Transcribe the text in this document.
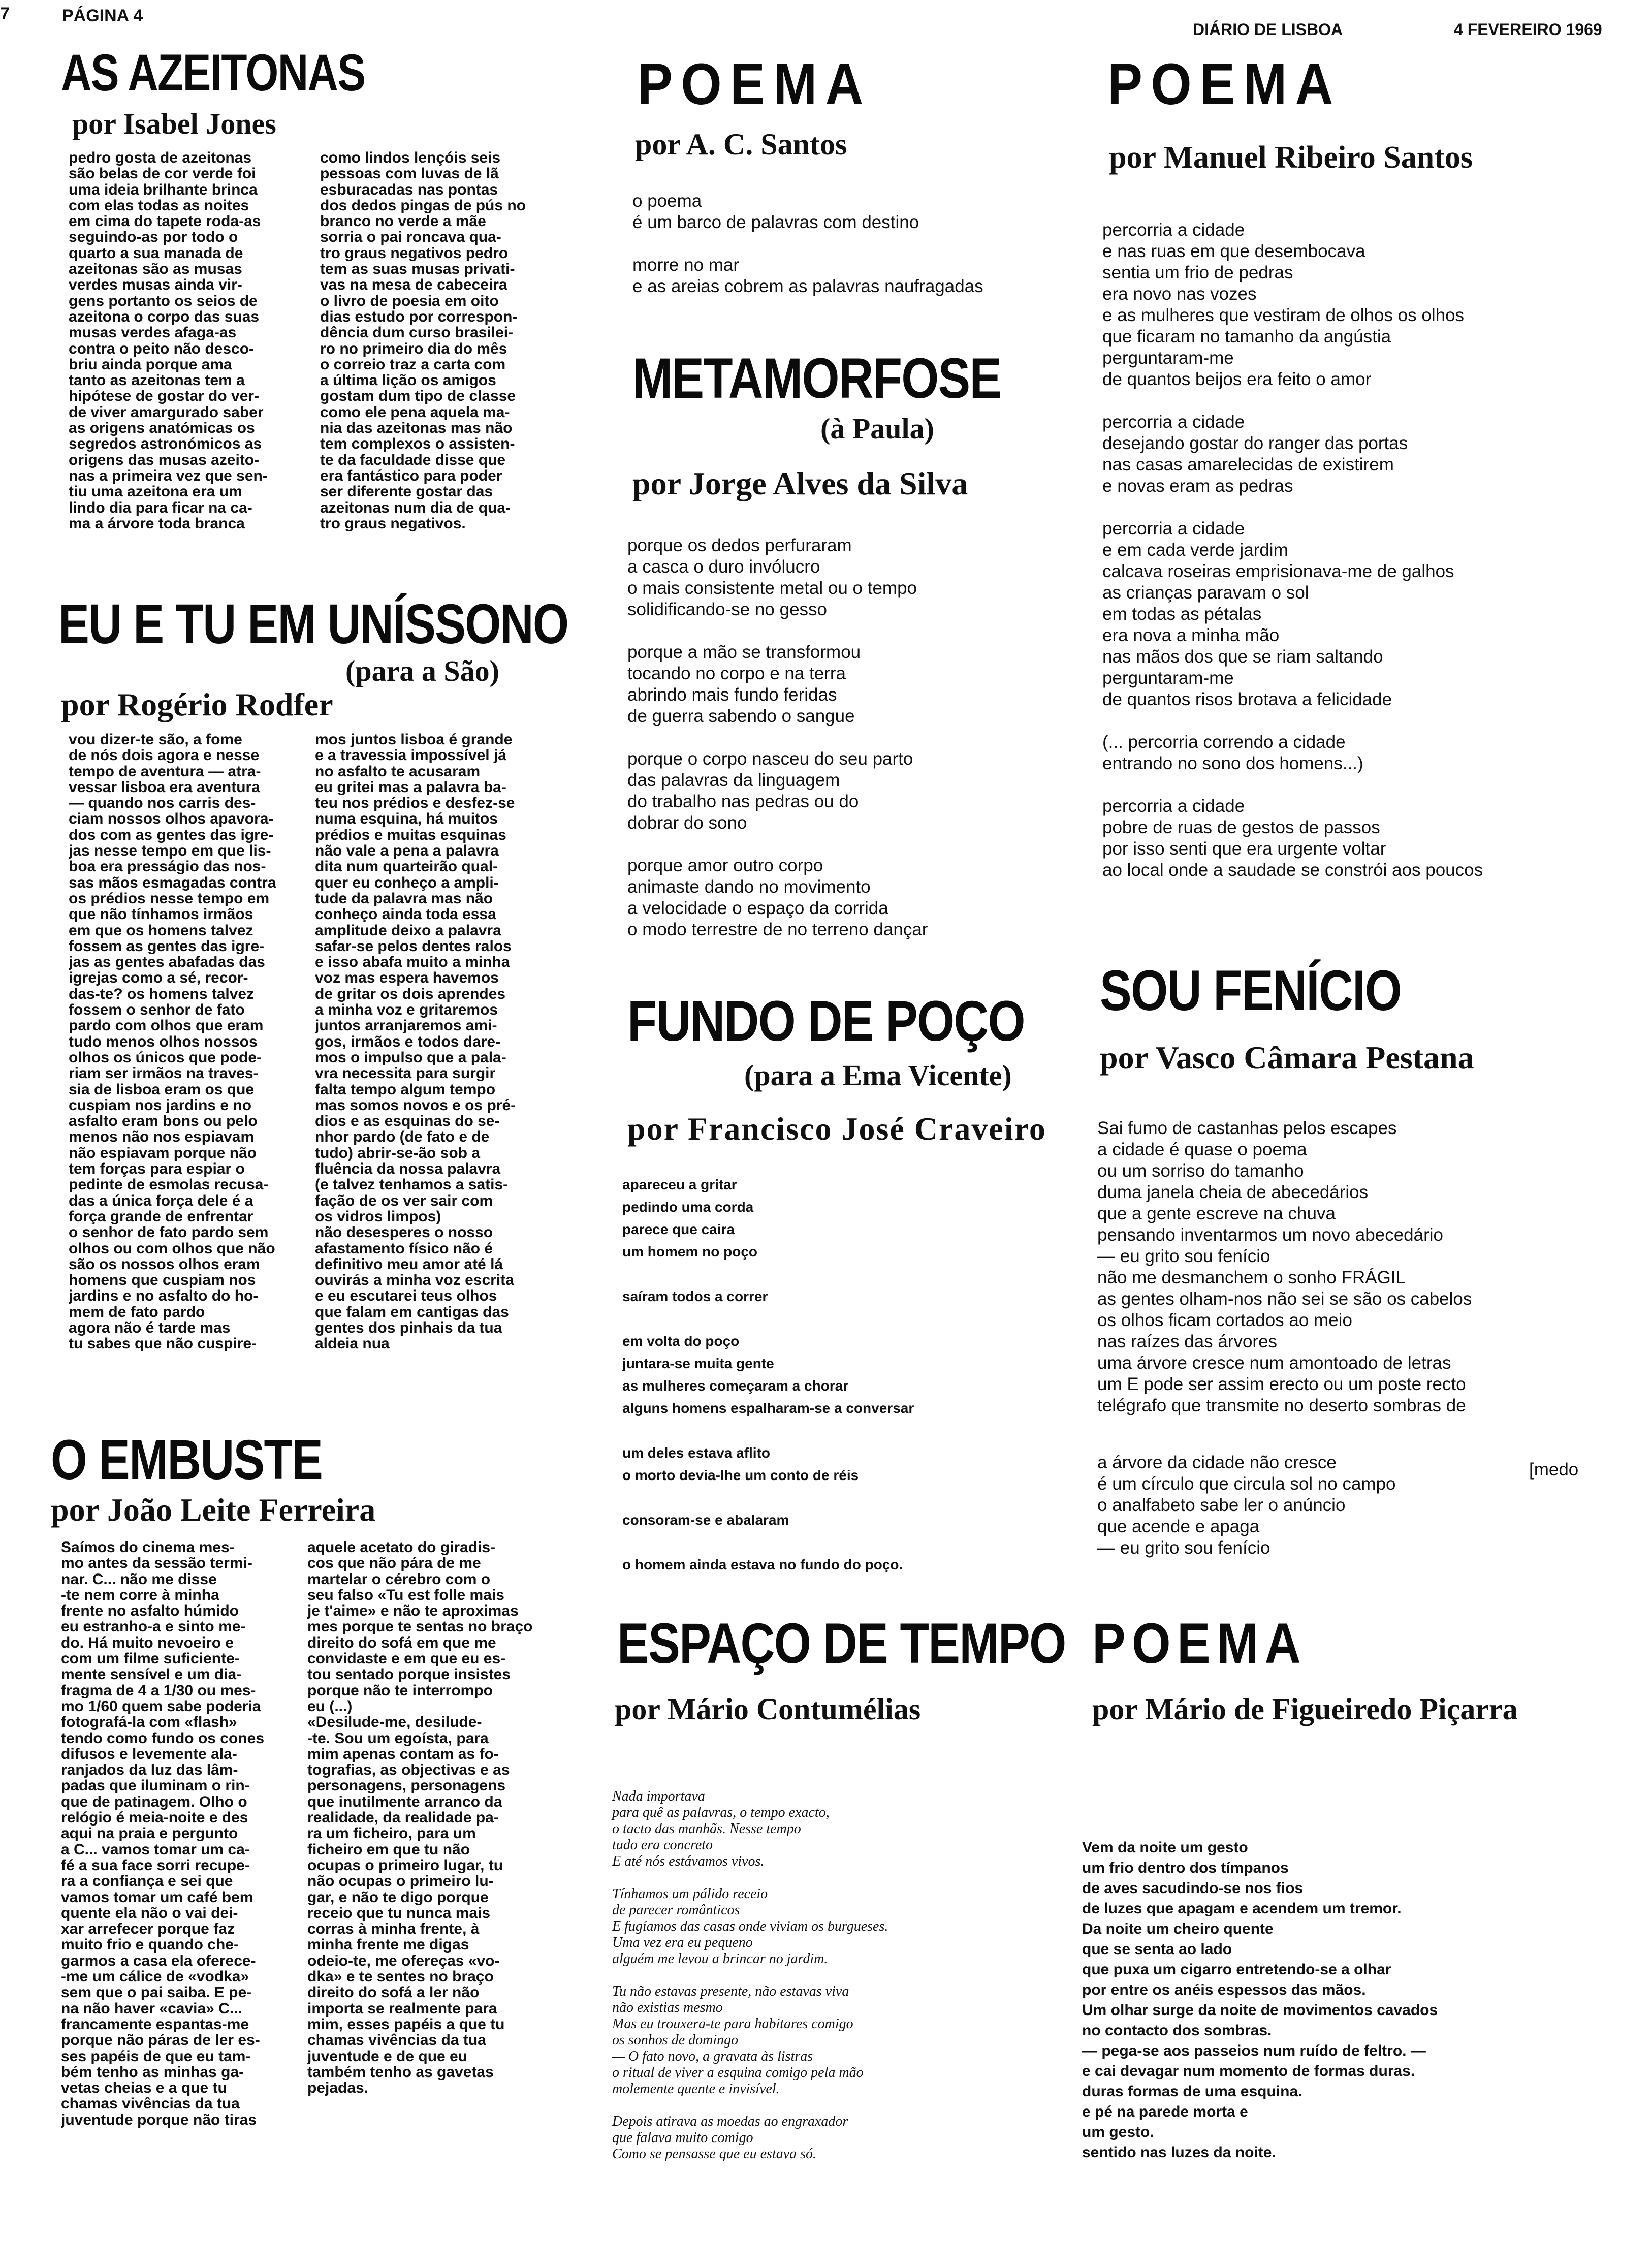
7	PÁGINA 4
DIÁRIO DE LISBOA	4 FEVEREIRO 1969
AS AZEITONAS
por Isabel Jones
pedro gosta de azeitonas
são belas de cor verde foi
uma ideia brilhante brinca
com elas todas as noites
em cima do tapete roda-as
seguindo-as por todo o
quarto a sua manada de
azeitonas são as musas
verdes musas ainda vir-
gens portanto os seios de
azeitona o corpo das suas
musas verdes afaga-as
contra o peito não desco-
briu ainda porque ama
tanto as azeitonas tem a
hipótese de gostar do ver-
de viver amargurado saber
as origens anatómicas os
segredos astronómicos as
origens das musas azeito-
nas a primeira vez que sen-
tiu uma azeitona era um
lindo dia para ficar na ca-
ma a árvore toda branca
como lindos lençóis seis
pessoas com luvas de lã
esburacadas nas pontas
dos dedos pingas de pús no
branco no verde a mãe
sorria o pai roncava qua-
tro graus negativos pedro
tem as suas musas privati-
vas na mesa de cabeceira
o livro de poesia em oito
dias estudo por correspon-
dência dum curso brasilei-
ro no primeiro dia do mês
o correio traz a carta com
a última lição os amigos
gostam dum tipo de classe
como ele pena aquela ma-
nia das azeitonas mas não
tem complexos o assisten-
te da faculdade disse que
era fantástico para poder
ser diferente gostar das
azeitonas num dia de qua-
tro graus negativos.
EU E TU EM UNÍSSONO
(para a São)
por Rogério Rodfer
vou dizer-te são, a fome
de nós dois agora e nesse
tempo de aventura — atra-
vessar lisboa era aventura
— quando nos carris des-
ciam nossos olhos apavora-
dos com as gentes das igre-
jas nesse tempo em que lis-
boa era presságio das nos-
sas mãos esmagadas contra
os prédios nesse tempo em
que não tínhamos irmãos
em que os homens talvez
fossem as gentes das igre-
jas as gentes abafadas das
igrejas como a sé, recor-
das-te? os homens talvez
fossem o senhor de fato
pardo com olhos que eram
tudo menos olhos nossos
olhos os únicos que pode-
riam ser irmãos na traves-
sia de lisboa eram os que
cuspiam nos jardins e no
asfalto eram bons ou pelo
menos não nos espiavam
não espiavam porque não
tem forças para espiar o
pedinte de esmolas recusa-
das a única força dele é a
força grande de enfrentar
o senhor de fato pardo sem
olhos ou com olhos que não
são os nossos olhos eram
homens que cuspiam nos
jardins e no asfalto do ho-
mem de fato pardo
agora não é tarde mas
tu sabes que não cuspire-
mos juntos lisboa é grande
e a travessia impossível já
no asfalto te acusaram
eu gritei mas a palavra ba-
teu nos prédios e desfez-se
numa esquina, há muitos
prédios e muitas esquinas
não vale a pena a palavra
dita num quarteirão qual-
quer eu conheço a ampli-
tude da palavra mas não
conheço ainda toda essa
amplitude deixo a palavra
safar-se pelos dentes ralos
e isso abafa muito a minha
voz mas espera havemos
de gritar os dois aprendes
a minha voz e gritaremos
juntos arranjaremos ami-
gos, irmãos e todos dare-
mos o impulso que a pala-
vra necessita para surgir
falta tempo algum tempo
mas somos novos e os pré-
dios e as esquinas do se-
nhor pardo (de fato e de
tudo) abrir-se-ão sob a
fluência da nossa palavra
(e talvez tenhamos a satis-
fação de os ver sair com
os vidros limpos)
não desesperes o nosso
afastamento físico não é
definitivo meu amor até lá
ouvirás a minha voz escrita
e eu escutarei teus olhos
que falam em cantigas das
gentes dos pinhais da tua
aldeia nua
O EMBUSTE
por João Leite Ferreira
Saímos do cinema mes-
mo antes da sessão termi-
nar. C... não me disse
-te nem corre à minha
frente no asfalto húmido
eu estranho-a e sinto me-
do. Há muito nevoeiro e
com um filme suficiente-
mente sensível e um dia-
fragma de 4 a 1/30 ou mes-
mo 1/60 quem sabe poderia
fotografá-la com «flash»
tendo como fundo os cones
difusos e levemente ala-
ranjados da luz das lâm-
padas que iluminam o rin-
que de patinagem. Olho o
relógio é meia-noite e des
aqui na praia e pergunto
a C... vamos tomar um ca-
fé a sua face sorri recupe-
ra a confiança e sei que
vamos tomar um café bem
quente ela não o vai dei-
xar arrefecer porque faz
muito frio e quando che-
garmos a casa ela oferece-
-me um cálice de «vodka»
sem que o pai saiba. E pe-
na não haver «cavia» C...
francamente espantas-me
porque não páras de ler es-
ses papéis de que eu tam-
bém tenho as minhas ga-
vetas cheias e a que tu
chamas vivências da tua
juventude porque não tiras
aquele acetato do giradis-
cos que não pára de me
martelar o cérebro com o
seu falso «Tu est folle mais
je t'aime» e não te aproximas
mes porque te sentas no braço
direito do sofá em que me
convidaste e em que eu es-
tou sentado porque insistes
porque não te interrompo
eu (...)
«Desilude-me, desilude-
-te. Sou um egoísta, para
mim apenas contam as fo-
tografias, as objectivas e as
personagens, personagens
que inutilmente arranco da
realidade, da realidade pa-
ra um ficheiro, para um
ficheiro em que tu não
ocupas o primeiro lugar, tu
não ocupas o primeiro lu-
gar, e não te digo porque
receio que tu nunca mais
corras à minha frente, à
minha frente me digas
odeio-te, me ofereças «vo-
dka» e te sentes no braço
direito do sofá a ler não
importa se realmente para
mim, esses papéis a que tu
chamas vivências da tua
juventude e de que eu
também tenho as gavetas
pejadas.
POEMA
por A. C. Santos
o poema
é um barco de palavras com destino
morre no mar
e as areias cobrem as palavras naufragadas
METAMORFOSE
(à Paula)
por Jorge Alves da Silva
porque os dedos perfuraram
a casca o duro invólucro
o mais consistente metal ou o tempo
solidificando-se no gesso
porque a mão se transformou
tocando no corpo e na terra
abrindo mais fundo feridas
de guerra sabendo o sangue
porque o corpo nasceu do seu parto
das palavras da linguagem
do trabalho nas pedras ou do
dobrar do sono
porque amor outro corpo
animaste dando no movimento
a velocidade o espaço da corrida
o modo terrestre de no terreno dançar
FUNDO DE POÇO
(para a Ema Vicente)
por Francisco José Craveiro
apareceu a gritar
pedindo uma corda
parece que caira
um homem no poço
saíram todos a correr
em volta do poço
juntara-se muita gente
as mulheres começaram a chorar
alguns homens espalharam-se a conversar
um deles estava aflito
o morto devia-lhe um conto de réis
consoram-se e abalaram
o homem ainda estava no fundo do poço.
ESPAÇO DE TEMPO
por Mário Contumélias
Nada importava
para quê as palavras, o tempo exacto,
o tacto das manhãs. Nesse tempo
tudo era concreto
E até nós estávamos vivos.
Tínhamos um pálido receio
de parecer românticos
E fugíamos das casas onde viviam os burgueses.
Uma vez era eu pequeno
alguém me levou a brincar no jardim.
Tu não estavas presente, não estavas viva
não existias mesmo
Mas eu trouxera-te para habitares comigo
os sonhos de domingo
— O fato novo, a gravata às listras
o ritual de viver a esquina comigo pela mão
molemente quente e invisível.
Depois atirava as moedas ao engraxador
que falava muito comigo
Como se pensasse que eu estava só.
POEMA
por Manuel Ribeiro Santos
percorria a cidade
e nas ruas em que desembocava
sentia um frio de pedras
era novo nas vozes
e as mulheres que vestiram de olhos os olhos
que ficaram no tamanho da angústia
perguntaram-me
de quantos beijos era feito o amor
percorria a cidade
desejando gostar do ranger das portas
nas casas amarelecidas de existirem
e novas eram as pedras
percorria a cidade
e em cada verde jardim
calcava roseiras emprisionava-me de galhos
as crianças paravam o sol
em todas as pétalas
era nova a minha mão
nas mãos dos que se riam saltando
perguntaram-me
de quantos risos brotava a felicidade
(... percorria correndo a cidade
entrando no sono dos homens...)
percorria a cidade
pobre de ruas de gestos de passos
por isso senti que era urgente voltar
ao local onde a saudade se constrói aos poucos
SOU FENÍCIO
por Vasco Câmara Pestana
Sai fumo de castanhas pelos escapes
a cidade é quase o poema
ou um sorriso do tamanho
duma janela cheia de abecedários
que a gente escreve na chuva
pensando inventarmos um novo abecedário
— eu grito sou fenício
não me desmanchem o sonho FRÁGIL
as gentes olham-nos não sei se são os cabelos
os olhos ficam cortados ao meio
nas raízes das árvores
uma árvore cresce num amontoado de letras
um E pode ser assim erecto ou um poste recto
telégrafo que transmite no deserto sombras de
[medo
a árvore da cidade não cresce
é um círculo que circula sol no campo
o analfabeto sabe ler o anúncio
que acende e apaga
— eu grito sou fenício
POEMA
por Mário de Figueiredo Piçarra
Vem da noite um gesto
um frio dentro dos tímpanos
de aves sacudindo-se nos fios
de luzes que apagam e acendem um tremor.
Da noite um cheiro quente
que se senta ao lado
que puxa um cigarro entretendo-se a olhar
por entre os anéis espessos das mãos.
Um olhar surge da noite de movimentos cavados
no contacto dos sombras.
— pega-se aos passeios num ruído de feltro. —
e cai devagar num momento de formas duras.
duras formas de uma esquina.
e pé na parede morta e
um gesto.
sentido nas luzes da noite.
